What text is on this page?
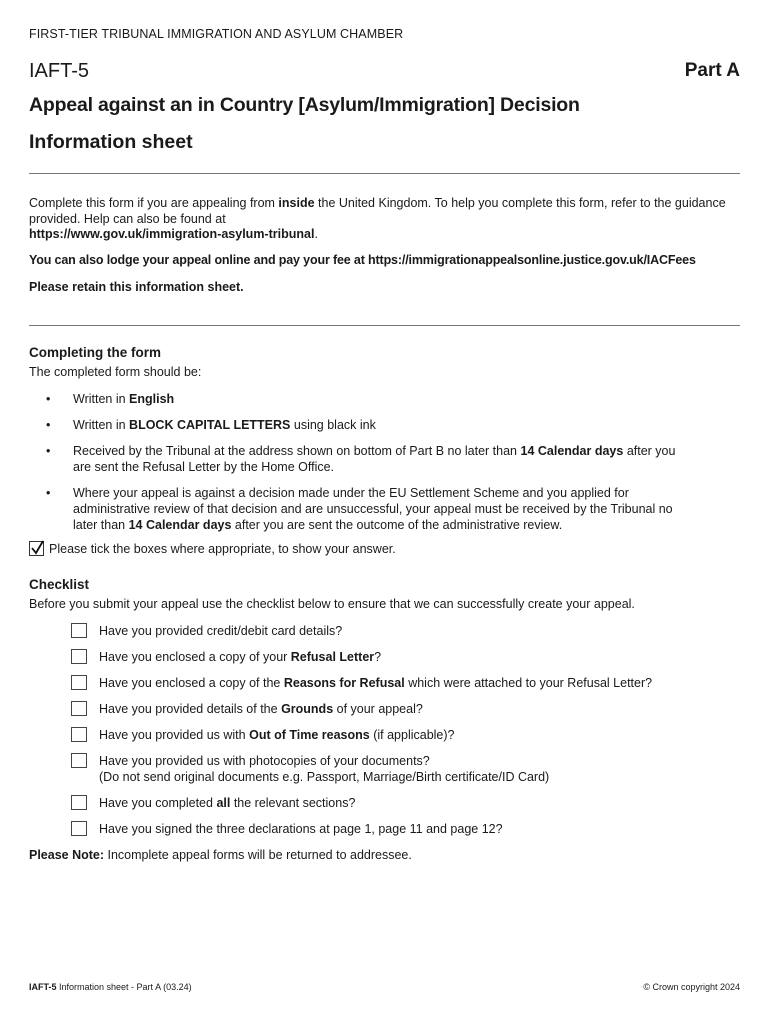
FIRST-TIER TRIBUNAL IMMIGRATION AND ASYLUM CHAMBER
IAFT-5	Part A
Appeal against an in Country [Asylum/Immigration] Decision
Information sheet
Complete this form if you are appealing from inside the United Kingdom. To help you complete this form, refer to the guidance provided. Help can also be found at
https://www.gov.uk/immigration-asylum-tribunal.
You can also lodge your appeal online and pay your fee at https://immigrationappealsonline.justice.gov.uk/IACFees
Please retain this information sheet.
Completing the form
The completed form should be:
• Written in English
• Written in BLOCK CAPITAL LETTERS using black ink
• Received by the Tribunal at the address shown on bottom of Part B no later than 14 Calendar days after you are sent the Refusal Letter by the Home Office.
• Where your appeal is against a decision made under the EU Settlement Scheme and you applied for administrative review of that decision and are unsuccessful, your appeal must be received by the Tribunal no later than 14 Calendar days after you are sent the outcome of the administrative review.
Please tick the boxes where appropriate, to show your answer.
Checklist
Before you submit your appeal use the checklist below to ensure that we can successfully create your appeal.
Have you provided credit/debit card details?
Have you enclosed a copy of your Refusal Letter?
Have you enclosed a copy of the Reasons for Refusal which were attached to your Refusal Letter?
Have you provided details of the Grounds of your appeal?
Have you provided us with Out of Time reasons (if applicable)?
Have you provided us with photocopies of your documents?
(Do not send original documents e.g. Passport, Marriage/Birth certificate/ID Card)
Have you completed all the relevant sections?
Have you signed the three declarations at page 1, page 11 and page 12?
Please Note: Incomplete appeal forms will be returned to addressee.
IAFT-5 Information sheet - Part A (03.24)	© Crown copyright 2024
